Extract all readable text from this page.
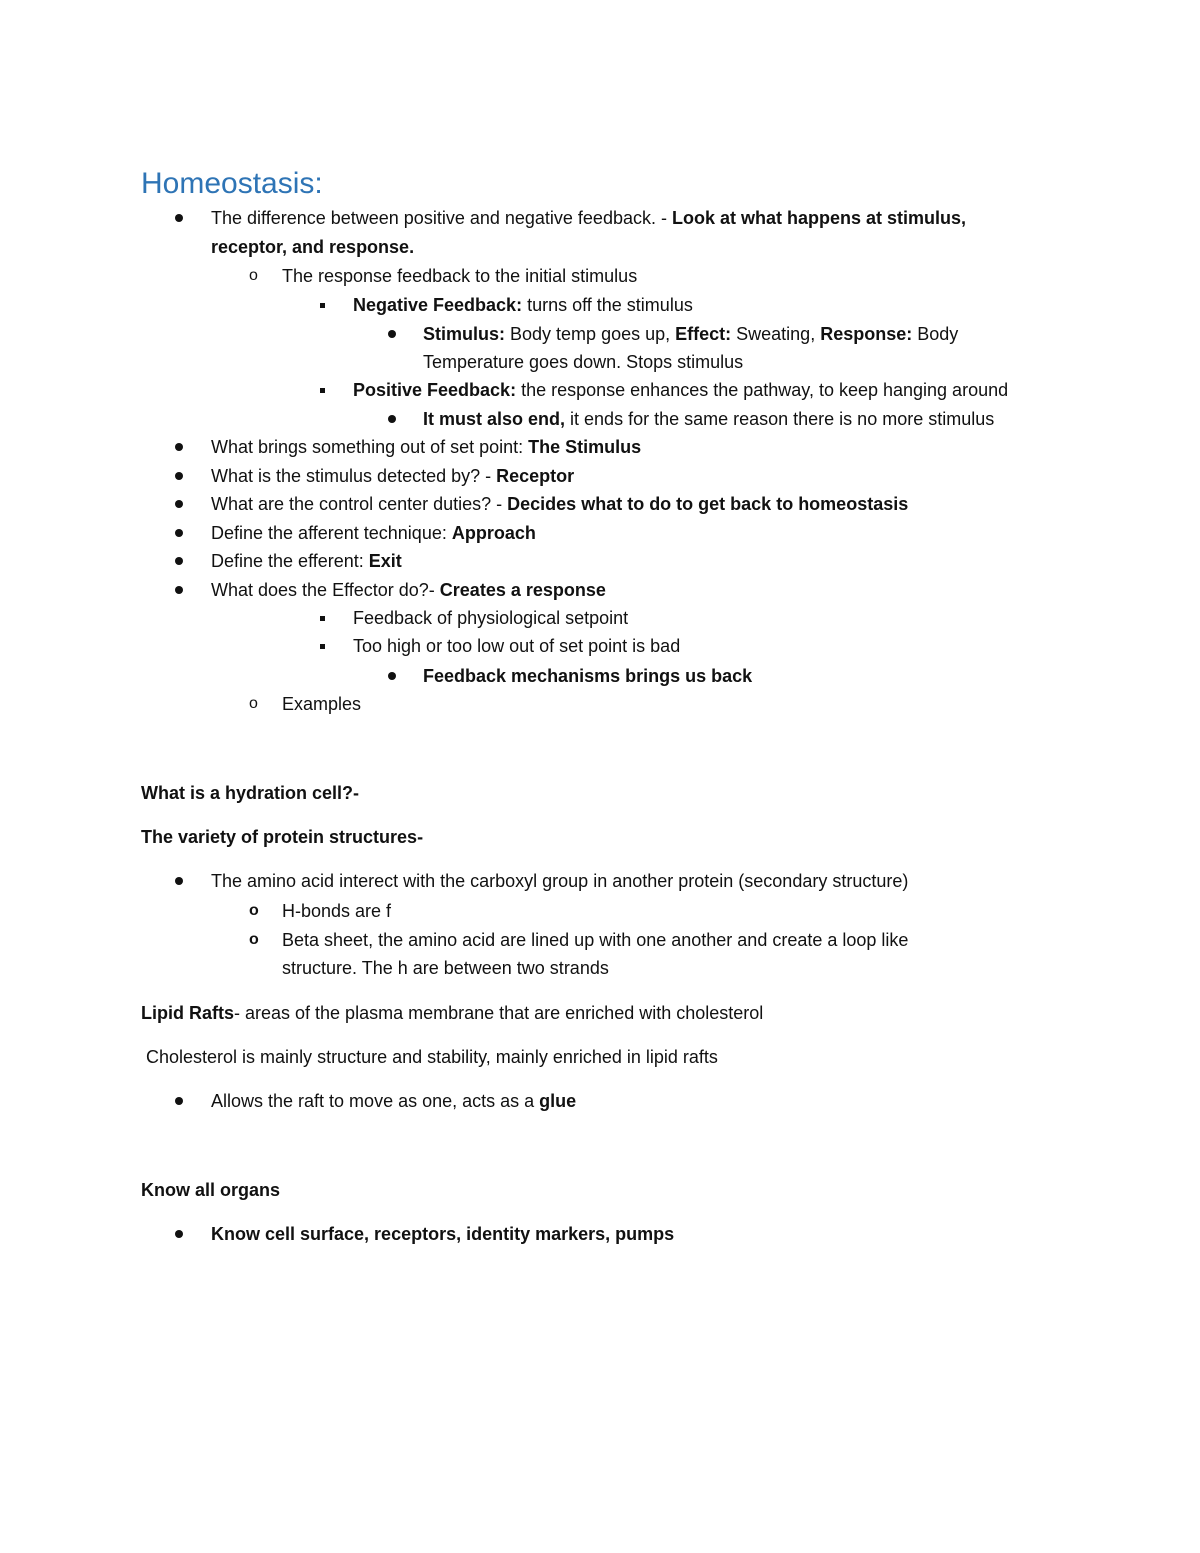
Homeostasis:
The difference between positive and negative feedback. - Look at what happens at stimulus,
receptor, and response.
o The response feedback to the initial stimulus
Negative Feedback: turns off the stimulus
Stimulus: Body temp goes up, Effect: Sweating, Response: Body
Temperature goes down. Stops stimulus
Positive Feedback: the response enhances the pathway, to keep hanging around
It must also end, it ends for the same reason there is no more stimulus
What brings something out of set point: The Stimulus
What is the stimulus detected by? - Receptor
What are the control center duties? - Decides what to do to get back to homeostasis
Define the afferent technique: Approach
Define the efferent: Exit
What does the Effector do?- Creates a response
Feedback of physiological setpoint
Too high or too low out of set point is bad
Feedback mechanisms brings us back
o Examples
What is a hydration cell?-
The variety of protein structures-
The amino acid interect with the carboxyl group in another protein (secondary structure)
o H-bonds are f
o Beta sheet, the amino acid are lined up with one another and create a loop like
structure. The h are between two strands
Lipid Rafts- areas of the plasma membrane that are enriched with cholesterol
Cholesterol is mainly structure and stability, mainly enriched in lipid rafts
Allows the raft to move as one, acts as a glue
Know all organs
Know cell surface, receptors, identity markers, pumps
